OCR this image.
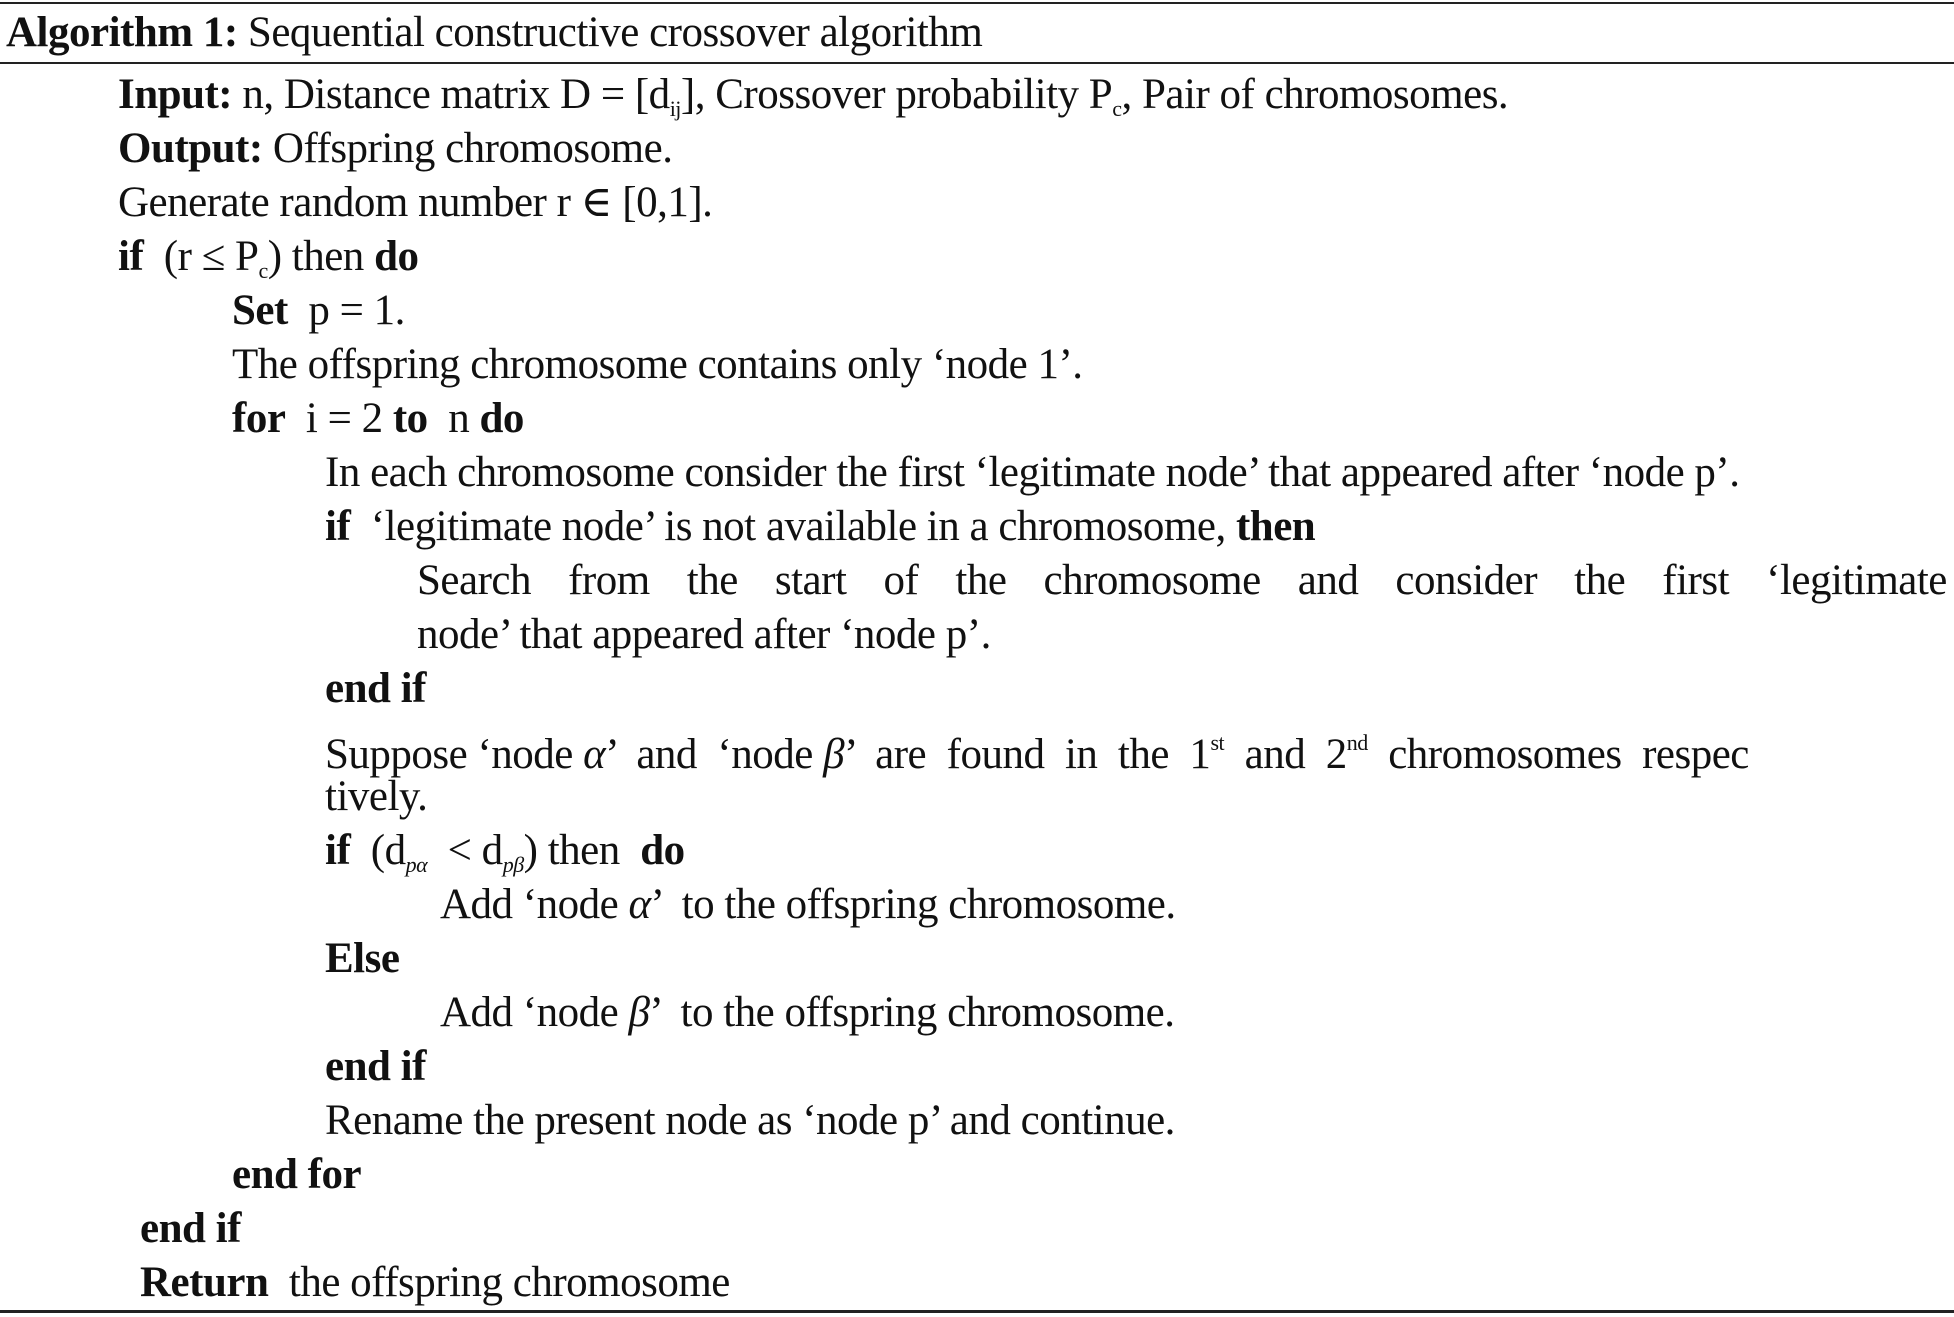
Algorithm 1: Sequential constructive crossover algorithm
Input: n, Distance matrix $D = [d_{ij}]$, Crossover probability $P_c$, Pair of chromosomes.
Output: Offspring chromosome.
Generate random number r ∈ [0,1].
if $(r \le P_c)$ then do
Set p = 1.
The offspring chromosome contains only ‘node 1’.
for i = 2 to n do
In each chromosome consider the first ‘legitimate node’ that appeared after ‘node p’.
if ‘legitimate node’ is not available in a chromosome, then
Search from the start of the chromosome and consider the first ‘legitimate
node’ that appeared after ‘node p’.
end if
Suppose ‘node α’  and  ‘node β’  are  found  in  the  1st  and  2nd  chromosomes  respec
tively.
if $(d_{p\alpha} < d_{p\beta})$ then do
Add ‘node α’  to the offspring chromosome.
Else
Add ‘node β’  to the offspring chromosome.
end if
Rename the present node as ‘node p’ and continue.
end for
end if
Return the offspring chromosome
